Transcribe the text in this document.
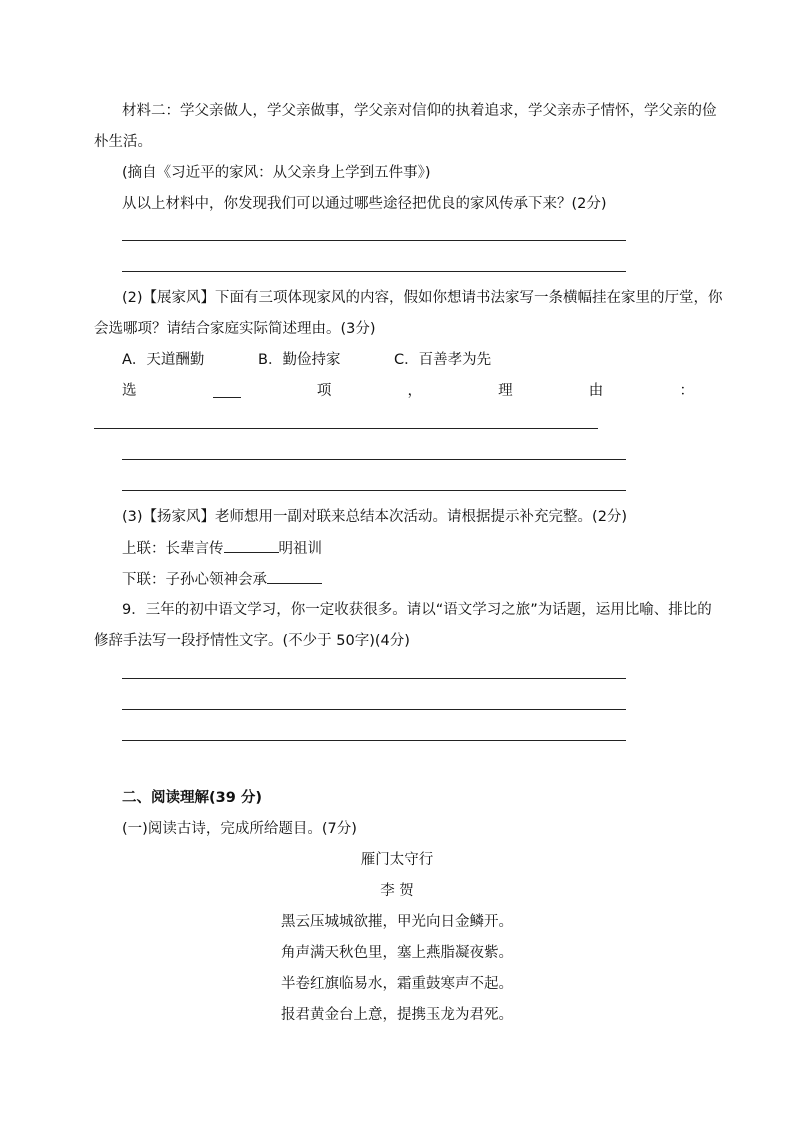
材料二：学父亲做人，学父亲做事，学父亲对信仰的执着追求，学父亲赤子情怀，学父亲的俭
朴生活。
(摘自《习近平的家风：从父亲身上学到五件事》)
从以上材料中，你发现我们可以通过哪些途径把优良的家风传承下来？(2分)
(2)【展家风】下面有三项体现家风的内容，假如你想请书法家写一条横幅挂在家里的厅堂，你
会选哪项？请结合家庭实际简述理由。(3分)
A．天道酬勤	B．勤俭持家	C．百善孝为先
选	项	，	理	由	：
(3)【扬家风】老师想用一副对联来总结本次活动。请根据提示补充完整。(2分)
上联：长辈言传	明祖训
下联：子孙心领神会承
9．三年的初中语文学习，你一定收获很多。请以“语文学习之旅”为话题，运用比喻、排比的
修辞手法写一段抒情性文字。(不少于 50字)(4分)
二、阅读理解(39 分)
(一)阅读古诗，完成所给题目。(7分)
雁门太守行
李 贺
黑云压城城欲摧，甲光向日金鳞开。
角声满天秋色里，塞上燕脂凝夜紫。
半卷红旗临易水，霜重鼓寒声不起。
报君黄金台上意，提携玉龙为君死。
